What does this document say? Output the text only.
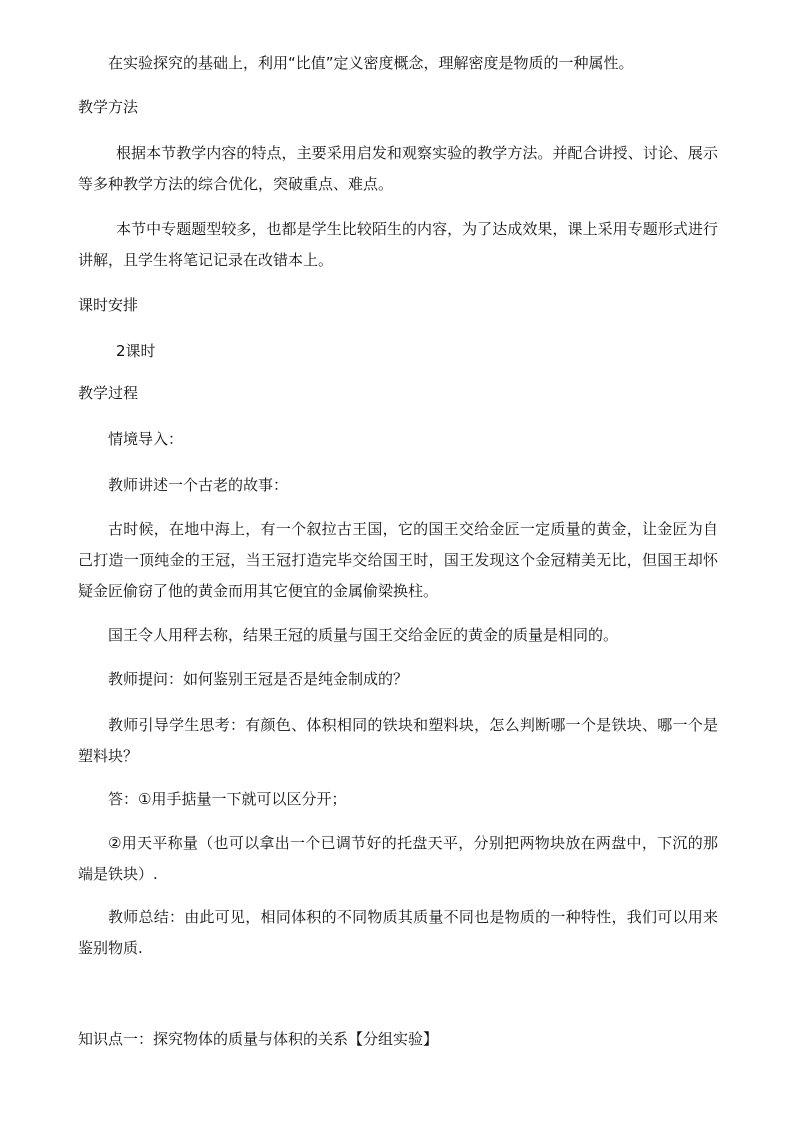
在实验探究的基础上，利用“比值”定义密度概念，理解密度是物质的一种属性。

教学方法

根据本节教学内容的特点，主要采用启发和观察实验的教学方法。并配合讲授、讨论、展示等多种教学方法的综合优化，突破重点、难点。

本节中专题题型较多，也都是学生比较陌生的内容，为了达成效果，课上采用专题形式进行讲解，且学生将笔记记录在改错本上。

课时安排

2课时

教学过程

情境导入：

教师讲述一个古老的故事：

古时候，在地中海上，有一个叙拉古王国，它的国王交给金匠一定质量的黄金，让金匠为自己打造一顶纯金的王冠，当王冠打造完毕交给国王时，国王发现这个金冠精美无比，但国王却怀疑金匠偷窃了他的黄金而用其它便宜的金属偷梁换柱。

国王令人用秤去称，结果王冠的质量与国王交给金匠的黄金的质量是相同的。

教师提问：如何鉴别王冠是否是纯金制成的？

教师引导学生思考：有颜色、体积相同的铁块和塑料块，怎么判断哪一个是铁块、哪一个是塑料块？

答：①用手掂量一下就可以区分开；

②用天平称量（也可以拿出一个已调节好的托盘天平，分别把两物块放在两盘中，下沉的那端是铁块）.

教师总结：由此可见，相同体积的不同物质其质量不同也是物质的一种特性，我们可以用来鉴别物质.

知识点一：探究物体的质量与体积的关系【分组实验】
